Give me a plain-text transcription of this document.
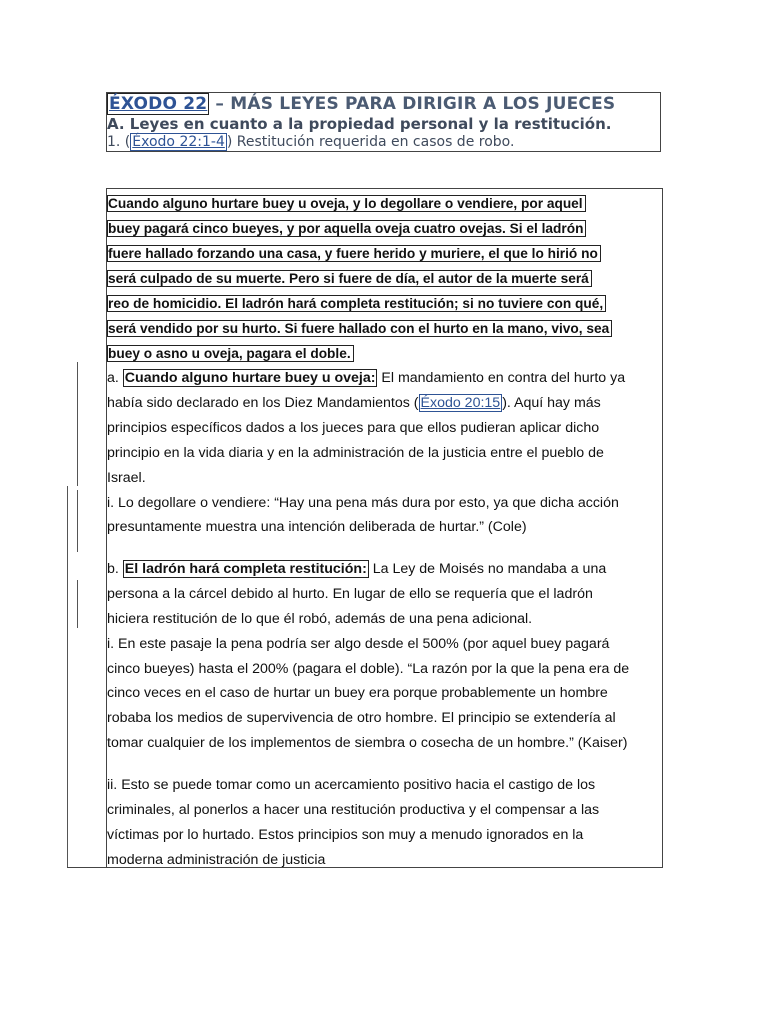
ÉXODO 22 – MÁS LEYES PARA DIRIGIR A LOS JUECES
A. Leyes en cuanto a la propiedad personal y la restitución.
1. ( Éxodo 22:1-4 ) Restitución requerida en casos de robo.
Cuando alguno hurtare buey u oveja, y lo degollare o vendiere, por aquel
buey pagará cinco bueyes, y por aquella oveja cuatro ovejas. Si el ladrón
fuere hallado forzando una casa, y fuere herido y muriere, el que lo hirió no
será culpado de su muerte. Pero si fuere de día, el autor de la muerte será
reo de homicidio. El ladrón hará completa restitución; si no tuviere con qué,
será vendido por su hurto. Si fuere hallado con el hurto en la mano, vivo, sea
buey o asno u oveja, pagara el doble.
a. Cuando alguno hurtare buey u oveja: El mandamiento en contra del hurto ya
había sido declarado en los Diez Mandamientos ( Éxodo 20:15 ). Aquí hay más
principios específicos dados a los jueces para que ellos pudieran aplicar dicho
principio en la vida diaria y en la administración de la justicia entre el pueblo de
Israel.
i. Lo degollare o vendiere: “Hay una pena más dura por esto, ya que dicha acción
presuntamente muestra una intención deliberada de hurtar.” (Cole)
b. El ladrón hará completa restitución: La Ley de Moisés no mandaba a una
persona a la cárcel debido al hurto. En lugar de ello se requería que el ladrón
hiciera restitución de lo que él robó, además de una pena adicional.
i. En este pasaje la pena podría ser algo desde el 500% (por aquel buey pagará
cinco bueyes) hasta el 200% (pagara el doble). “La razón por la que la pena era de
cinco veces en el caso de hurtar un buey era porque probablemente un hombre
robaba los medios de supervivencia de otro hombre. El principio se extendería al
tomar cualquier de los implementos de siembra o cosecha de un hombre.” (Kaiser)
ii. Esto se puede tomar como un acercamiento positivo hacia el castigo de los
criminales, al ponerlos a hacer una restitución productiva y el compensar a las
víctimas por lo hurtado. Estos principios son muy a menudo ignorados en la
moderna administración de justicia
